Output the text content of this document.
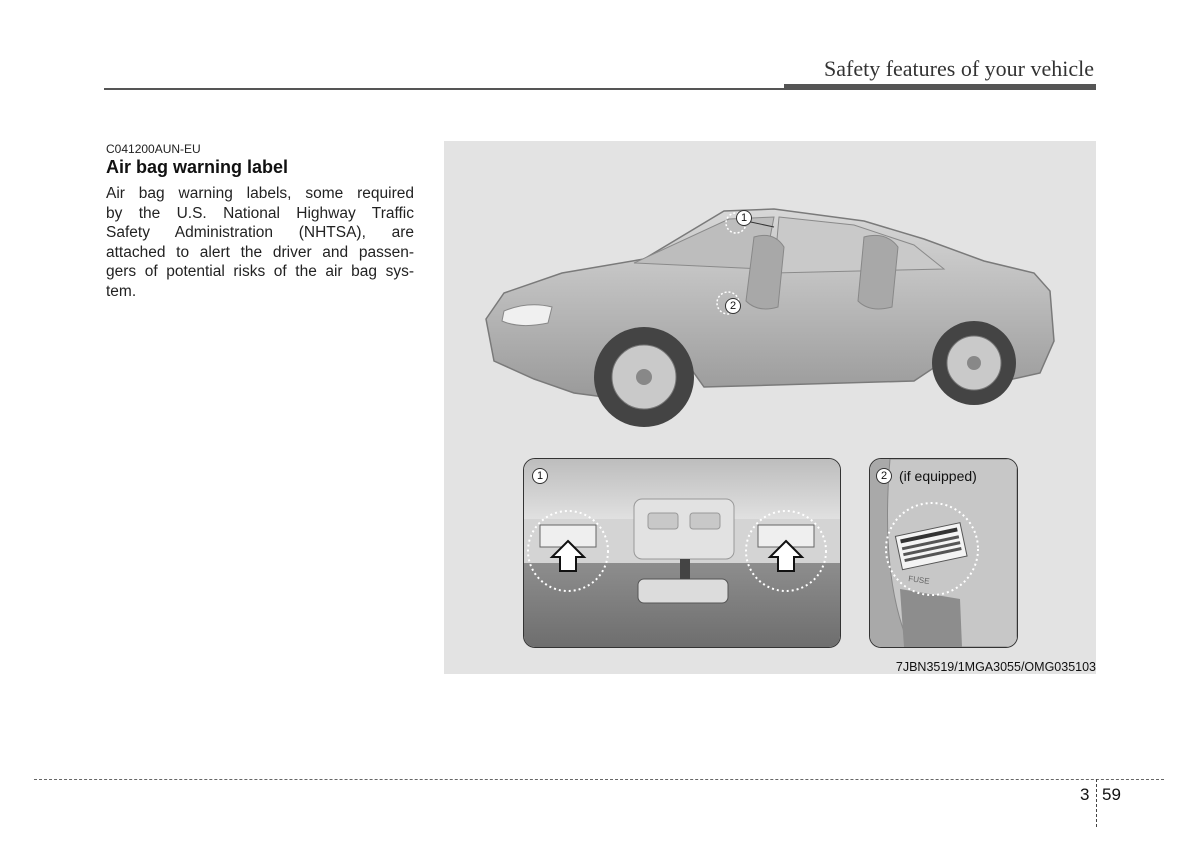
Safety features of your vehicle
C041200AUN-EU
Air bag warning label
Air bag warning labels, some required
by the U.S. National Highway Traffic
Safety Administration (NHTSA), are
attached to alert the driver and passen-
gers of potential risks of the air bag sys-
tem.
1
2
1
FUSE
2 (if equipped)
7JBN3519/1MGA3055/OMG035103
3 59
